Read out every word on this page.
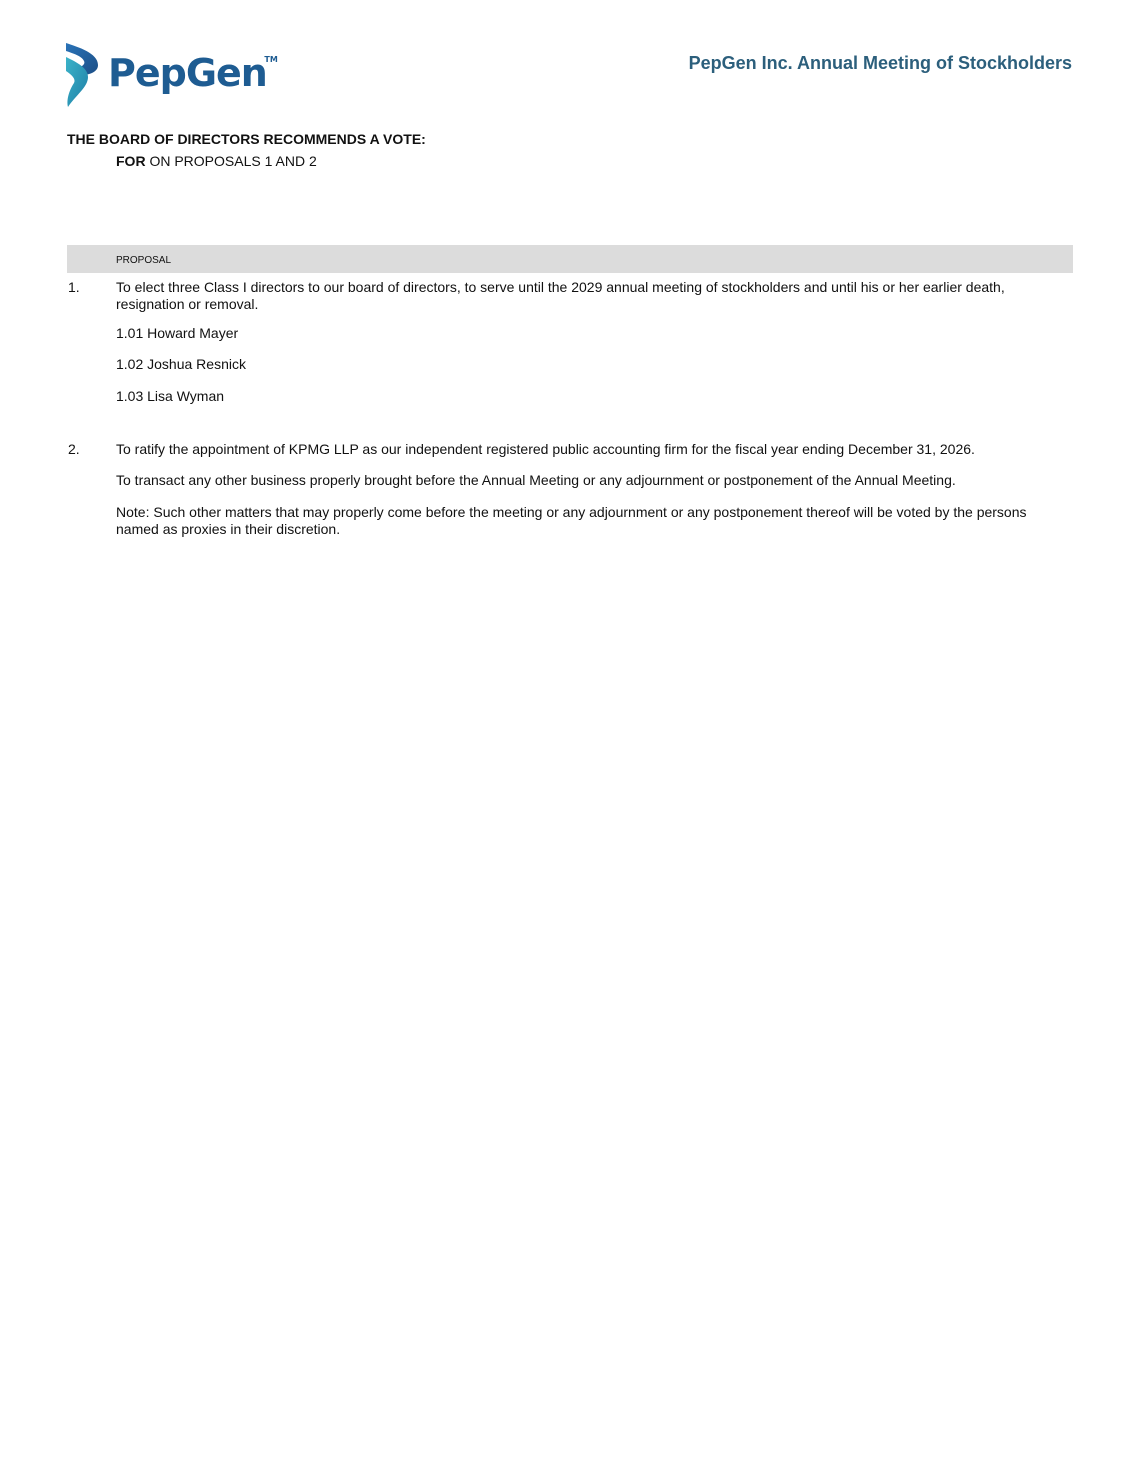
PepGen
TM	PepGen Inc. Annual Meeting of Stockholders
THE BOARD OF DIRECTORS RECOMMENDS A VOTE:
FOR ON PROPOSALS 1 AND 2
PROPOSAL
1.	To elect three Class I directors to our board of directors, to serve until the 2029 annual meeting of stockholders and until his or her earlier death, resignation or removal.
1.01 Howard Mayer
1.02 Joshua Resnick
1.03 Lisa Wyman
2.	To ratify the appointment of KPMG LLP as our independent registered public accounting firm for the fiscal year ending December 31, 2026.
To transact any other business properly brought before the Annual Meeting or any adjournment or postponement of the Annual Meeting.
Note: Such other matters that may properly come before the meeting or any adjournment or any postponement thereof will be voted by the persons named as proxies in their discretion.
